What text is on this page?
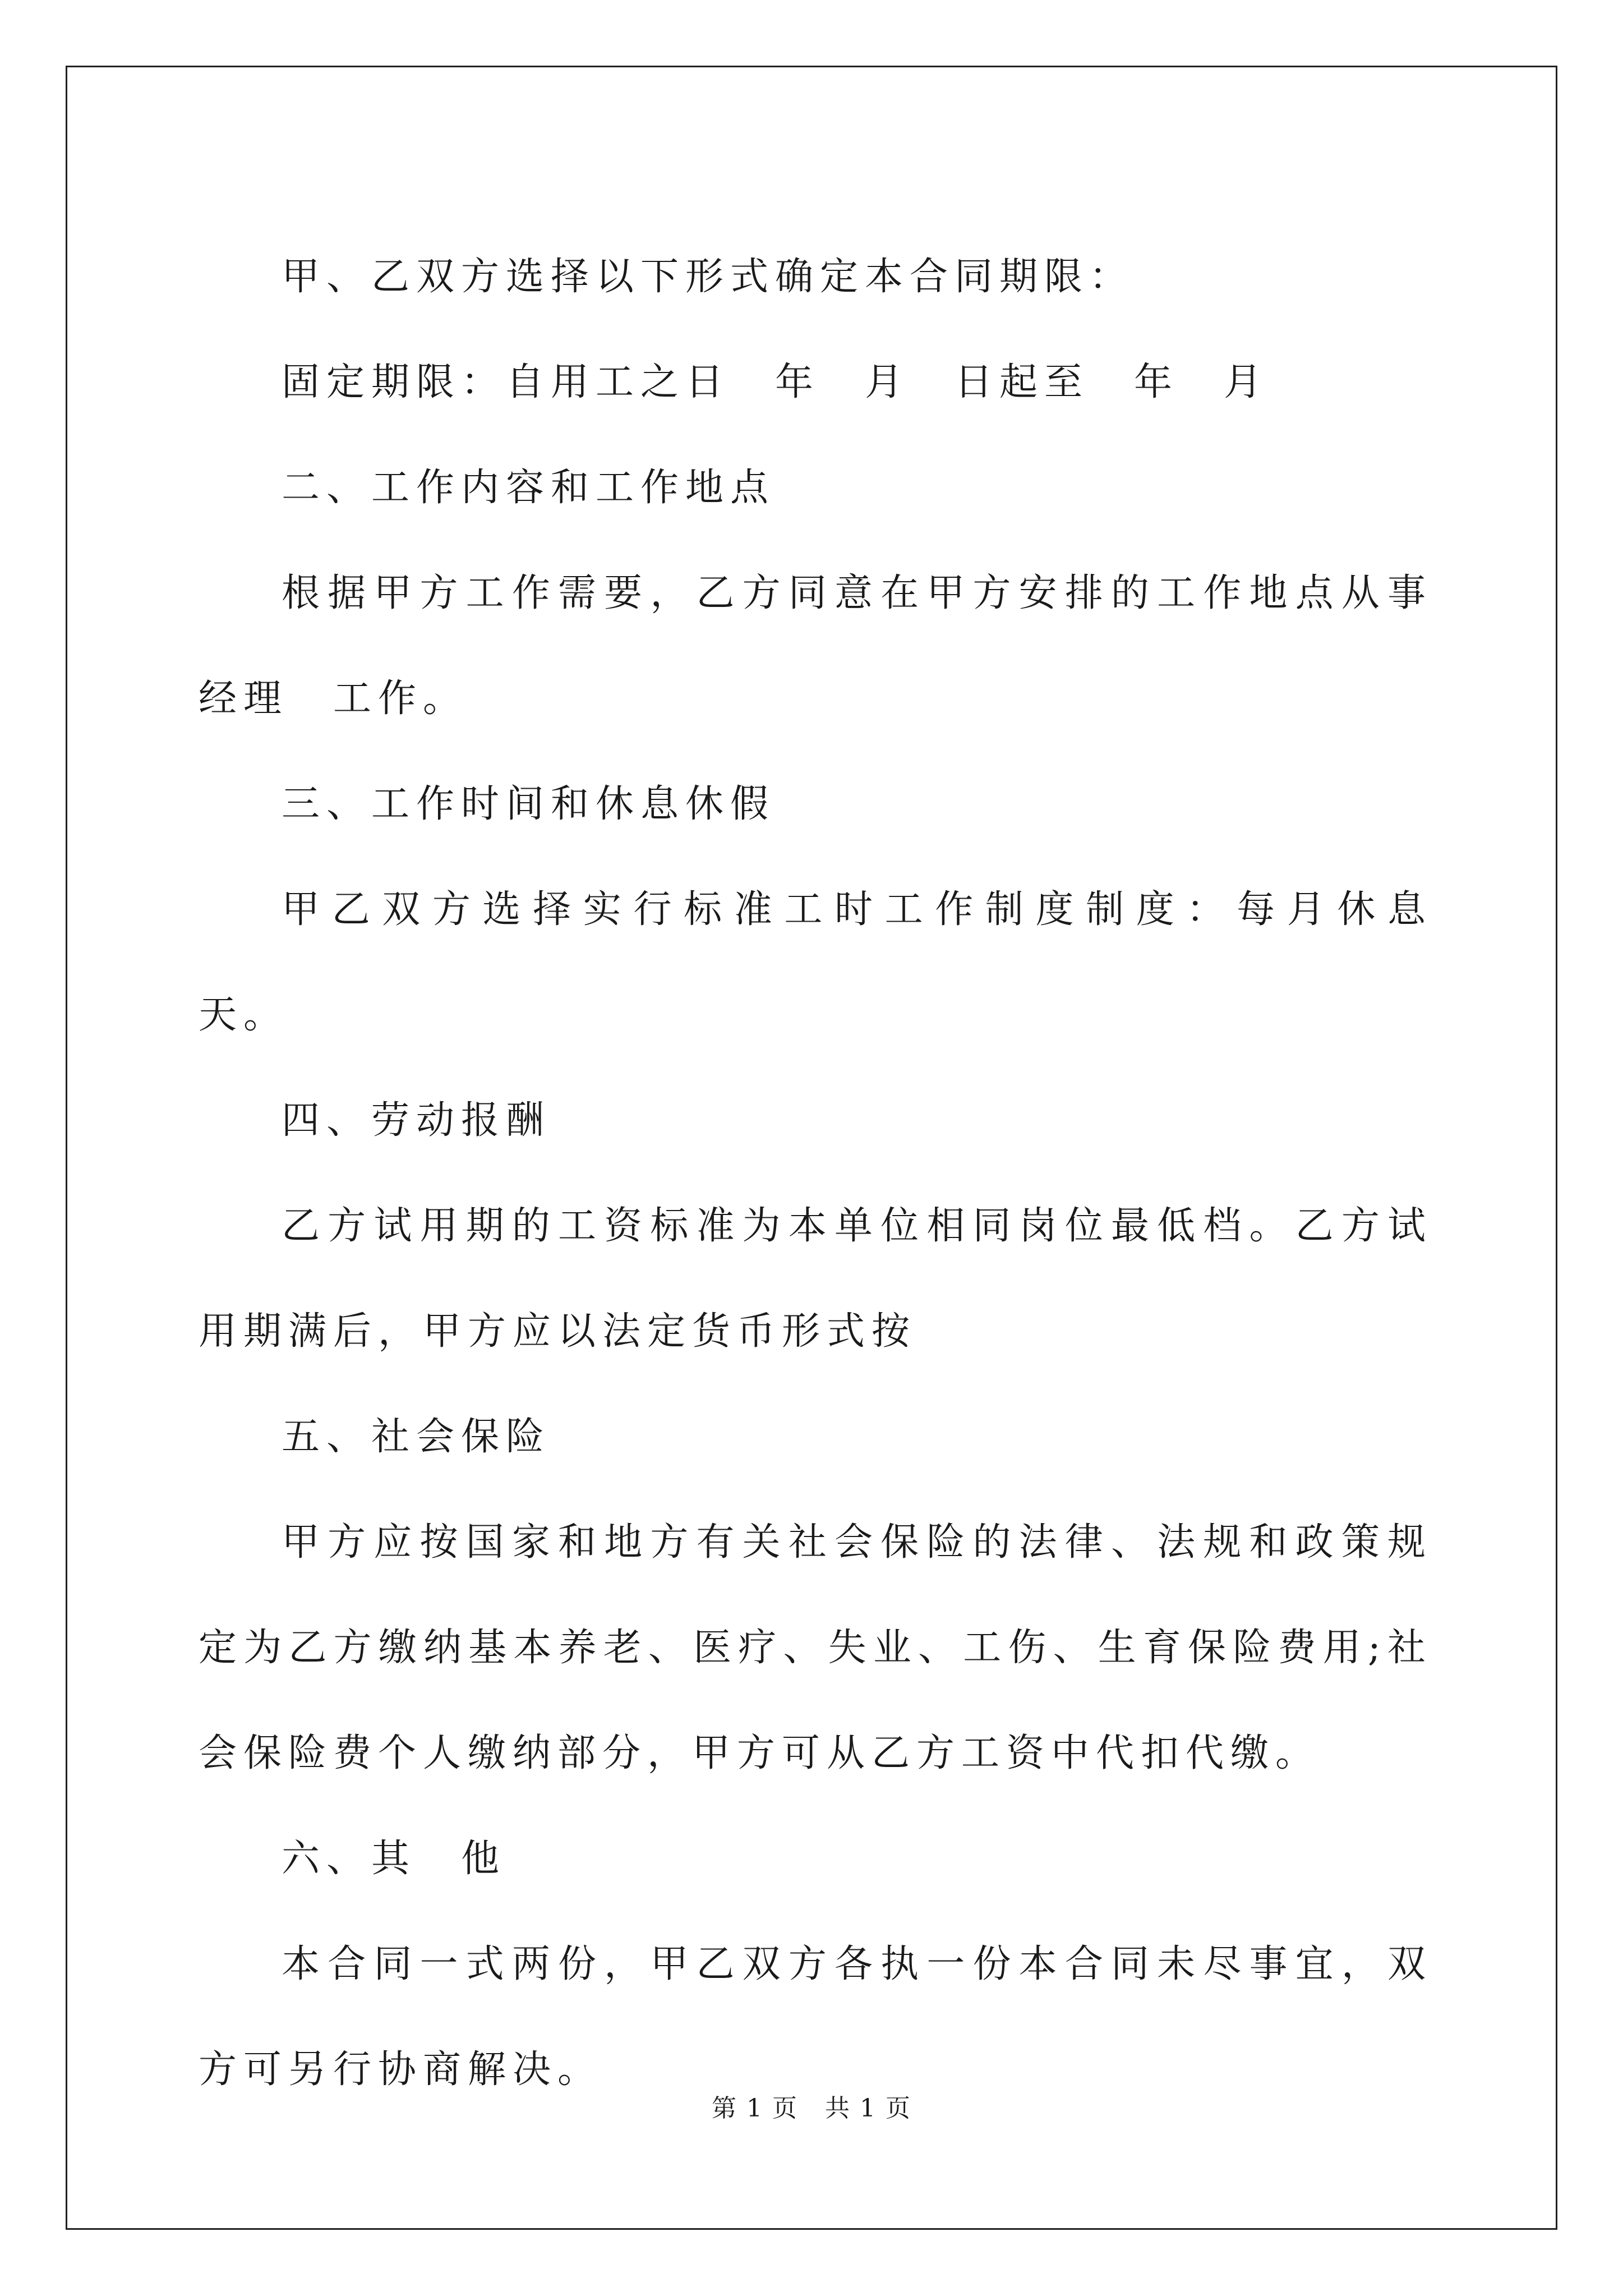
甲、乙双方选择以下形式确定本合同期限：

固定期限：自用工之日　年　月　日起至　年　月

二、工作内容和工作地点

根据甲方工作需要，乙方同意在甲方安排的工作地点从事经理　工作。

三、工作时间和休息休假

甲乙双方选择实行标准工时工作制度制度：每月休息　天。

四、劳动报酬

乙方试用期的工资标准为本单位相同岗位最低档。乙方试用期满后，甲方应以法定货币形式按

五、社会保险

甲方应按国家和地方有关社会保险的法律、法规和政策规定为乙方缴纳基本养老、医疗、失业、工伤、生育保险费用;社会保险费个人缴纳部分，甲方可从乙方工资中代扣代缴。

六、其　他

本合同一式两份，甲乙双方各执一份本合同未尽事宜，双方可另行协商解决。

第 1 页 共 1 页
